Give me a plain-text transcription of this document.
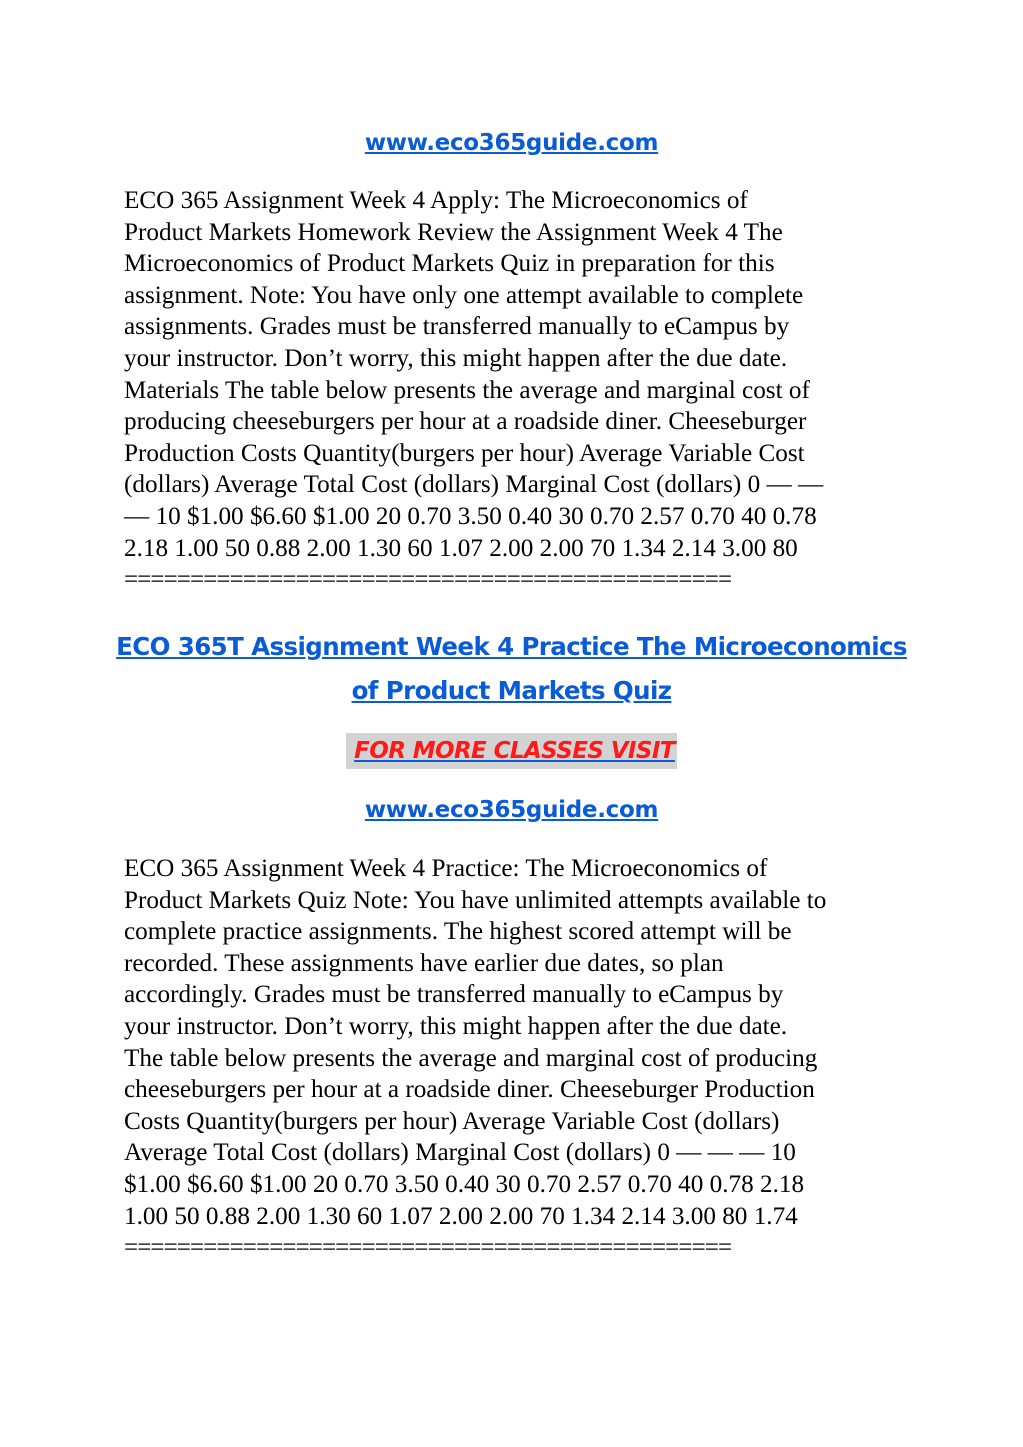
www.eco365guide.com

ECO 365 Assignment Week 4 Apply: The Microeconomics of
Product Markets Homework Review the Assignment Week 4 The
Microeconomics of Product Markets Quiz in preparation for this
assignment. Note: You have only one attempt available to complete
assignments. Grades must be transferred manually to eCampus by
your instructor. Don’t worry, this might happen after the due date.
Materials The table below presents the average and marginal cost of
producing cheeseburgers per hour at a roadside diner. Cheeseburger
Production Costs Quantity(burgers per hour) Average Variable Cost
(dollars) Average Total Cost (dollars) Marginal Cost (dollars) 0 — —
— 10 $1.00 $6.60 $1.00 20 0.70 3.50 0.40 30 0.70 2.57 0.70 40 0.78
2.18 1.00 50 0.88 2.00 1.30 60 1.07 2.00 2.00 70 1.34 2.14 3.00 80

==============================================
ECO 365T Assignment Week 4 Practice The Microeconomics
of Product Markets Quiz
FOR MORE CLASSES VISIT
www.eco365guide.com

ECO 365 Assignment Week 4 Practice: The Microeconomics of
Product Markets Quiz Note: You have unlimited attempts available to
complete practice assignments. The highest scored attempt will be
recorded. These assignments have earlier due dates, so plan
accordingly. Grades must be transferred manually to eCampus by
your instructor. Don’t worry, this might happen after the due date.
The table below presents the average and marginal cost of producing
cheeseburgers per hour at a roadside diner. Cheeseburger Production
Costs Quantity(burgers per hour) Average Variable Cost (dollars)
Average Total Cost (dollars) Marginal Cost (dollars) 0 — — — 10
$1.00 $6.60 $1.00 20 0.70 3.50 0.40 30 0.70 2.57 0.70 40 0.78 2.18
1.00 50 0.88 2.00 1.30 60 1.07 2.00 2.00 70 1.34 2.14 3.00 80 1.74

==============================================
